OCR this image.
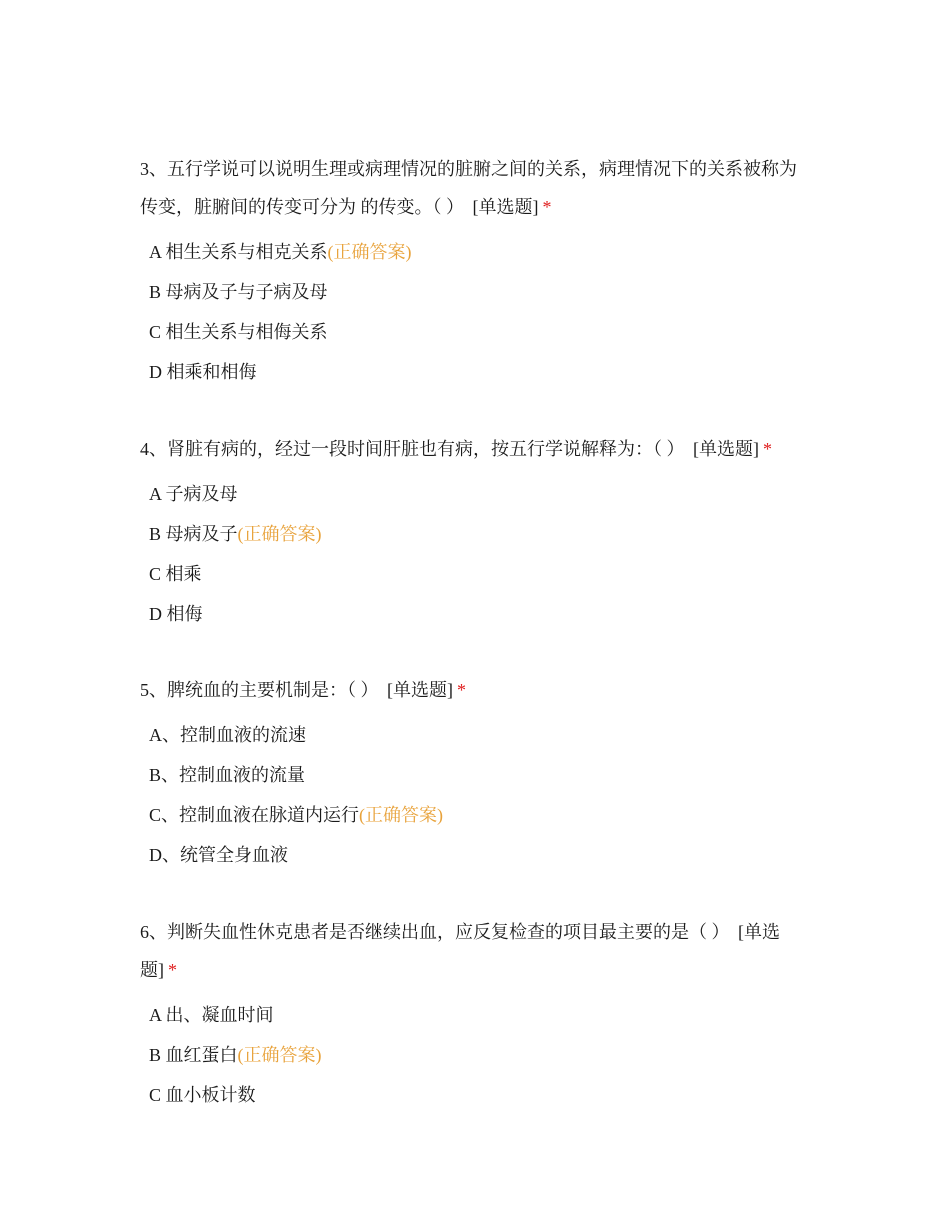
3、五行学说可以说明生理或病理情况的脏腑之间的关系，病理情况下的关系被称为传变，脏腑间的传变可分为 的传变。（ ） [单选题] *

A 相生关系与相克关系(正确答案)
B 母病及子与子病及母
C 相生关系与相侮关系
D 相乘和相侮

4、肾脏有病的，经过一段时间肝脏也有病，按五行学说解释为：（ ） [单选题] *

A 子病及母
B 母病及子(正确答案)
C 相乘
D 相侮

5、脾统血的主要机制是：（ ） [单选题] *

A、控制血液的流速
B、控制血液的流量
C、控制血液在脉道内运行(正确答案)
D、统管全身血液

6、判断失血性休克患者是否继续出血，应反复检查的项目最主要的是（ ） [单选题] *

A 出、凝血时间
B 血红蛋白(正确答案)
C 血小板计数
